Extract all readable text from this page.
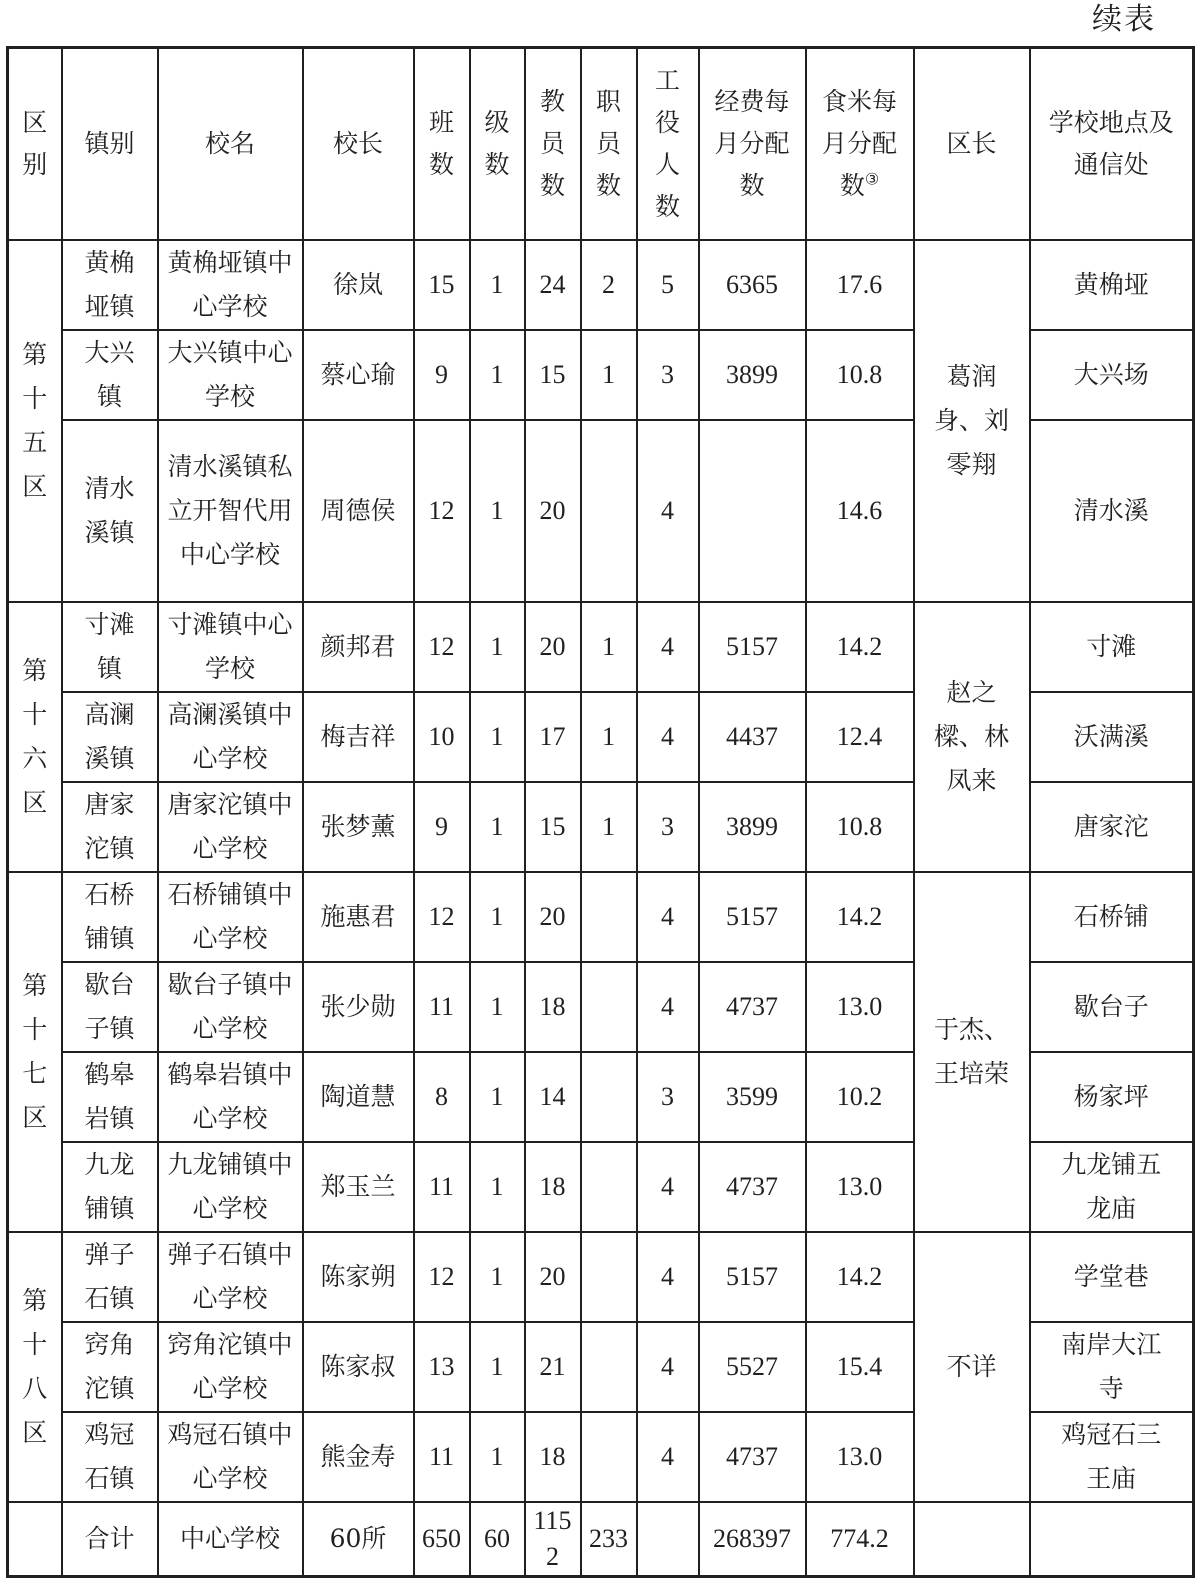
续表
区别	镇别	校名	校长	班数	级数	教员数	职员数	工役人数	经费每月分配数	食米每月分配数③	区长	学校地点及通信处
第十五区	黄桷垭镇	黄桷垭镇中心学校	徐岚	15	1	24	2	5	6365	17.6	葛润身、刘零翔	黄桷垭
	大兴镇	大兴镇中心学校	蔡心瑜	9	1	15	1	3	3899	10.8		大兴场
	清水溪镇	清水溪镇私立开智代用中心学校	周德侯	12	1	20		4		14.6		清水溪
第十六区	寸滩镇	寸滩镇中心学校	颜邦君	12	1	20	1	4	5157	14.2	赵之樑、林凤来	寸滩
	高澜溪镇	高澜溪镇中心学校	梅吉祥	10	1	17	1	4	4437	12.4		沃满溪
	唐家沱镇	唐家沱镇中心学校	张梦薰	9	1	15	1	3	3899	10.8		唐家沱
第十七区	石桥铺镇	石桥铺镇中心学校	施惠君	12	1	20		4	5157	14.2	于杰、王培荣	石桥铺
	歇台子镇	歇台子镇中心学校	张少勋	11	1	18		4	4737	13.0		歇台子
	鹤皋岩镇	鹤皋岩镇中心学校	陶道慧	8	1	14		3	3599	10.2		杨家坪
	九龙铺镇	九龙铺镇中心学校	郑玉兰	11	1	18		4	4737	13.0		九龙铺五龙庙
第十八区	弹子石镇	弹子石镇中心学校	陈家朔	12	1	20		4	5157	14.2	不详	学堂巷
	窍角沱镇	窍角沱镇中心学校	陈家叔	13	1	21		4	5527	15.4		南岸大江寺
	鸡冠石镇	鸡冠石镇中心学校	熊金寿	11	1	18		4	4737	13.0		鸡冠石三王庙
	合计	中心学校	60所	650	60	1152	233		268397	774.2		
